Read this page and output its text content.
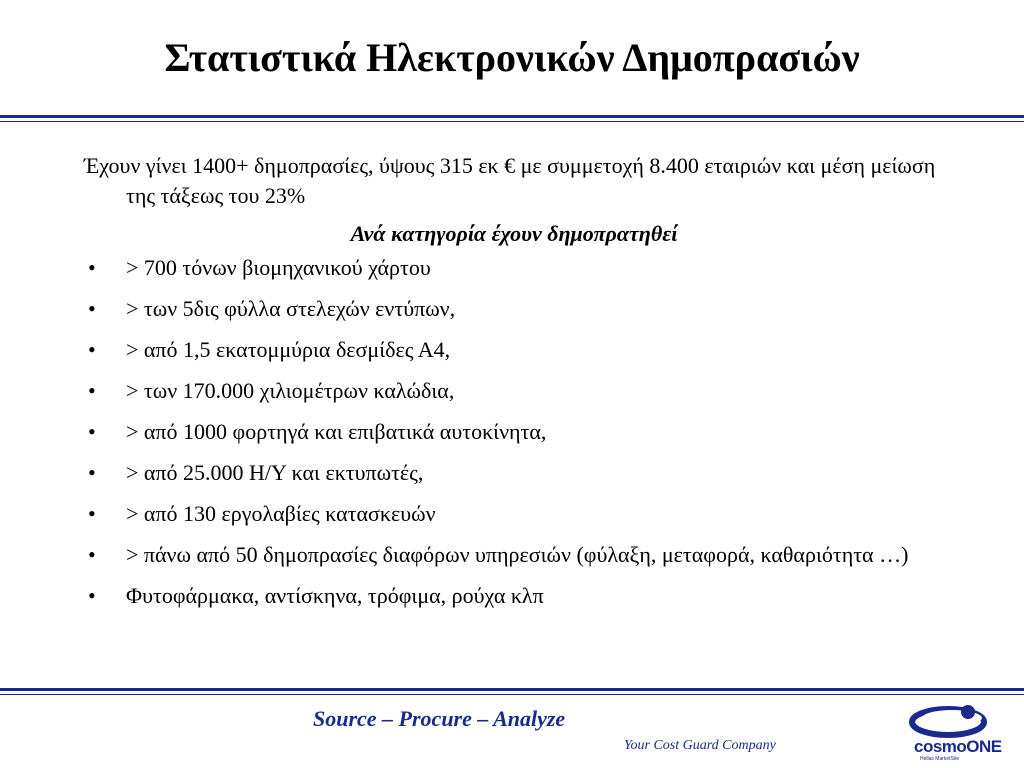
Στατιστικά Ηλεκτρονικών Δημοπρασιών

Έχουν γίνει 1400+ δημοπρασίες, ύψους 315 εκ € με συμμετοχή 8.400 εταιριών και μέση μείωση της τάξεως του 23%

Ανά κατηγορία έχουν δημοπρατηθεί
• > 700 τόνων βιομηχανικού χάρτου
• > των 5δις φύλλα στελεχών εντύπων,
• > από 1,5 εκατομμύρια δεσμίδες Α4,
• > των 170.000 χιλιομέτρων καλώδια,
• > από 1000 φορτηγά και επιβατικά αυτοκίνητα,
• > από 25.000 Η/Υ και εκτυπωτές,
• > από 130 εργολαβίες κατασκευών
• > πάνω από 50 δημοπρασίες διαφόρων υπηρεσιών (φύλαξη, μεταφορά, καθαριότητα …)
• Φυτοφάρμακα, αντίσκηνα, τρόφιμα, ρούχα κλπ
Source – Procure – Analyze
Your Cost Guard Company	cosmoONE
Hellas MarketSite
